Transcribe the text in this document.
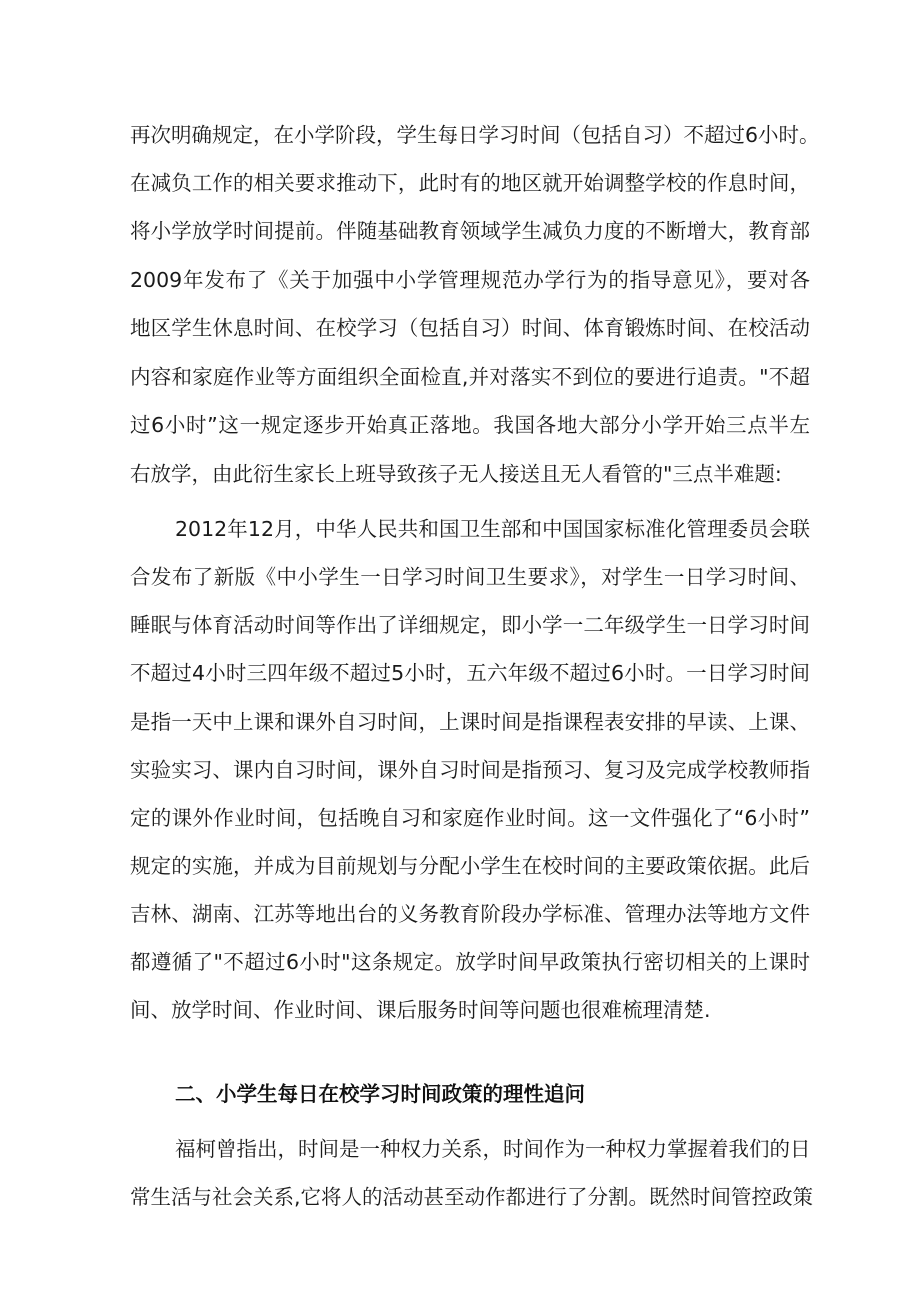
再次明确规定，在小学阶段，学生每日学习时间（包括自习）不超过6小时。

在减负工作的相关要求推动下，此时有的地区就开始调整学校的作息时间，

将小学放学时间提前。伴随基础教育领域学生减负力度的不断增大，教育部

2009年发布了《关于加强中小学管理规范办学行为的指导意见》，要对各

地区学生休息时间、在校学习（包括自习）时间、体育锻炼时间、在校活动

内容和家庭作业等方面组织全面检直,并对落实不到位的要进行追责。"不超

过6小时”这一规定逐步开始真正落地。我国各地大部分小学开始三点半左

右放学，由此衍生家长上班导致孩子无人接送且无人看管的"三点半难题:

2012年12月，中华人民共和国卫生部和中国国家标准化管理委员会联

合发布了新版《中小学生一日学习时间卫生要求》，对学生一日学习时间、

睡眠与体育活动时间等作出了详细规定，即小学一二年级学生一日学习时间

不超过4小时三四年级不超过5小时，五六年级不超过6小时。一日学习时间

是指一天中上课和课外自习时间，上课时间是指课程表安排的早读、上课、

实验实习、课内自习时间，课外自习时间是指预习、复习及完成学校教师指

定的课外作业时间，包括晚自习和家庭作业时间。这一文件强化了“6小时”

规定的实施，并成为目前规划与分配小学生在校时间的主要政策依据。此后

吉林、湖南、江苏等地出台的义务教育阶段办学标准、管理办法等地方文件

都遵循了"不超过6小时"这条规定。放学时间早政策执行密切相关的上课时

间、放学时间、作业时间、课后服务时间等问题也很难梳理清楚.

二、小学生每日在校学习时间政策的理性追问

福柯曾指出，时间是一种权力关系，时间作为一种权力掌握着我们的日

常生活与社会关系,它将人的活动甚至动作都进行了分割。既然时间管控政策
